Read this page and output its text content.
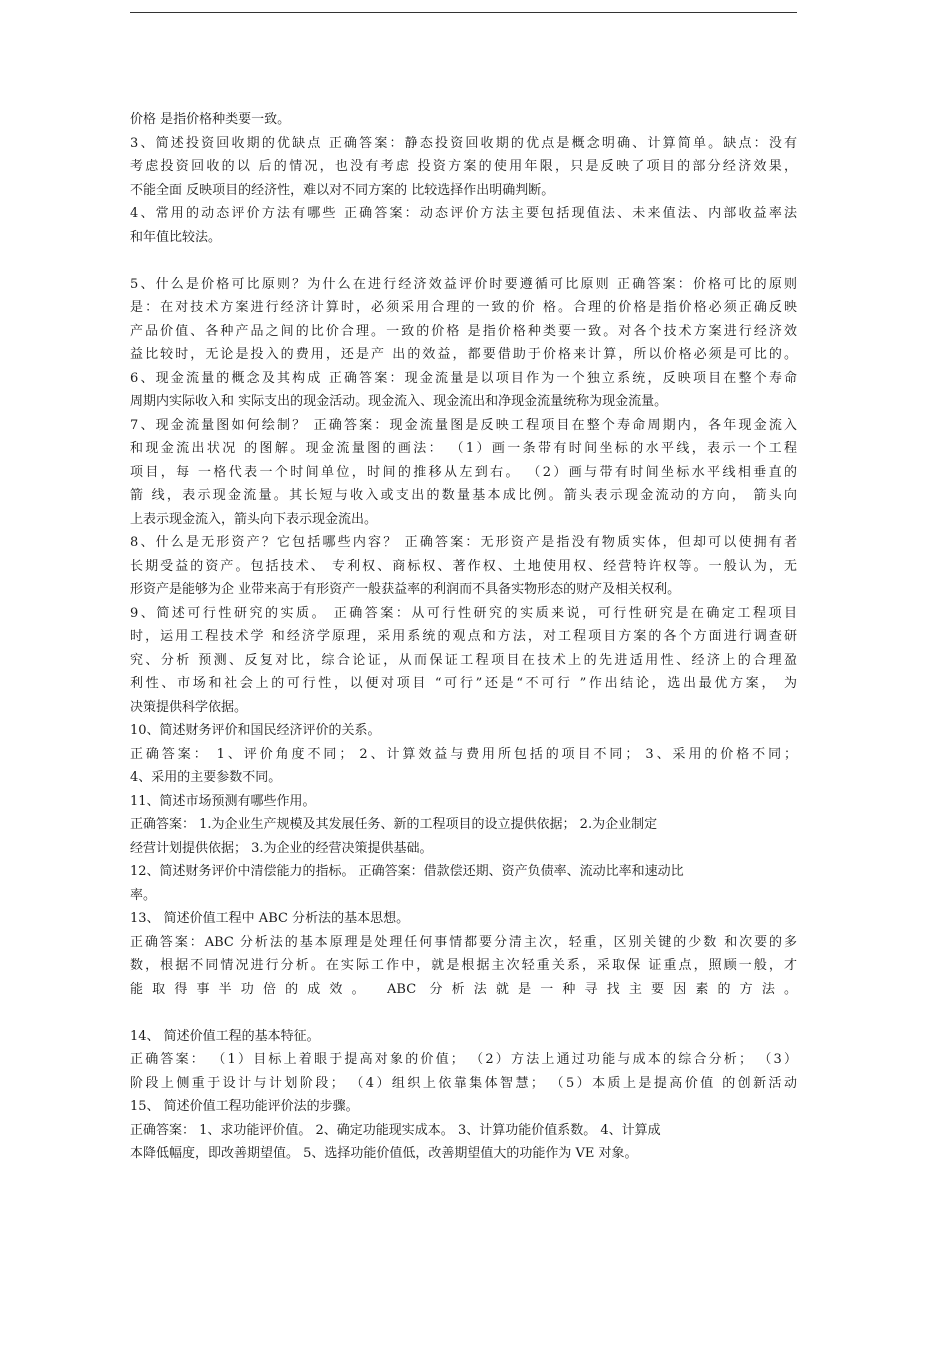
价格 是指价格种类要一致。
3、简述投资回收期的优缺点 正确答案：静态投资回收期的优点是概念明确、计算简单。缺点：没有
考虑投资回收的以 后的情况，也没有考虑 投资方案的使用年限，只是反映了项目的部分经济效果，
不能全面 反映项目的经济性，难以对不同方案的 比较选择作出明确判断。
4、常用的动态评价方法有哪些 正确答案：动态评价方法主要包括现值法、未来值法、内部收益率法
和年值比较法。
5、什么是价格可比原则？为什么在进行经济效益评价时要遵循可比原则 正确答案：价格可比的原则
是：在对技术方案进行经济计算时，必须采用合理的一致的价 格。合理的价格是指价格必须正确反映
产品价值、各种产品之间的比价合理。一致的价格 是指价格种类要一致。对各个技术方案进行经济效
益比较时，无论是投入的费用，还是产 出的效益，都要借助于价格来计算，所以价格必须是可比的。
6、现金流量的概念及其构成 正确答案：现金流量是以项目作为一个独立系统，反映项目在整个寿命
周期内实际收入和 实际支出的现金活动。现金流入、现金流出和净现金流量统称为现金流量。
7、现金流量图如何绘制？ 正确答案：现金流量图是反映工程项目在整个寿命周期内，各年现金流入
和现金流出状况 的图解。现金流量图的画法： （1）画一条带有时间坐标的水平线，表示一个工程
项目，每 一格代表一个时间单位，时间的推移从左到右。 （2）画与带有时间坐标水平线相垂直的
箭 线，表示现金流量。其长短与收入或支出的数量基本成比例。箭头表示现金流动的方向， 箭头向
上表示现金流入，箭头向下表示现金流出。
8、什么是无形资产？它包括哪些内容？ 正确答案：无形资产是指没有物质实体，但却可以使拥有者
长期受益的资产。包括技术、 专利权、商标权、著作权、土地使用权、经营特许权等。一般认为，无
形资产是能够为企 业带来高于有形资产一般获益率的利润而不具备实物形态的财产及相关权利。
9、简述可行性研究的实质。 正确答案：从可行性研究的实质来说，可行性研究是在确定工程项目
时，运用工程技术学 和经济学原理，采用系统的观点和方法，对工程项目方案的各个方面进行调查研
究、分析 预测、反复对比，综合论证，从而保证工程项目在技术上的先进适用性、经济上的合理盈
利性、市场和社会上的可行性，以便对项目 “可行”还是“不可行 ”作出结论，选出最优方案， 为
决策提供科学依据。
10、简述财务评价和国民经济评价的关系。
正确答案： 1、评价角度不同； 2、计算效益与费用所包括的项目不同； 3、采用的价格不同；
4、采用的主要参数不同。
11、简述市场预测有哪些作用。
正确答案： 1.为企业生产规模及其发展任务、新的工程项目的设立提供依据； 2.为企业制定
经营计划提供依据； 3.为企业的经营决策提供基础。
12、简述财务评价中清偿能力的指标。 正确答案：借款偿还期、资产负债率、流动比率和速动比
率。
13、 简述价值工程中 ABC 分析法的基本思想。
正确答案：ABC 分析法的基本原理是处理任何事情都要分清主次，轻重，区别关键的少数 和次要的多
数，根据不同情况进行分析。在实际工作中，就是根据主次轻重关系，采取保 证重点，照顾一般，才
能取得事半功倍的成效。 ABC 分析法就是一种寻找主要因素的方法。
14、 简述价值工程的基本特征。
正确答案： （1）目标上着眼于提高对象的价值； （2）方法上通过功能与成本的综合分析； （3）
阶段上侧重于设计与计划阶段； （4）组织上依靠集体智慧； （5）本质上是提高价值 的创新活动
15、 简述价值工程功能评价法的步骤。
正确答案： 1、求功能评价值。 2、确定功能现实成本。 3、计算功能价值系数。 4、计算成
本降低幅度，即改善期望值。 5、选择功能价值低，改善期望值大的功能作为 VE 对象。
